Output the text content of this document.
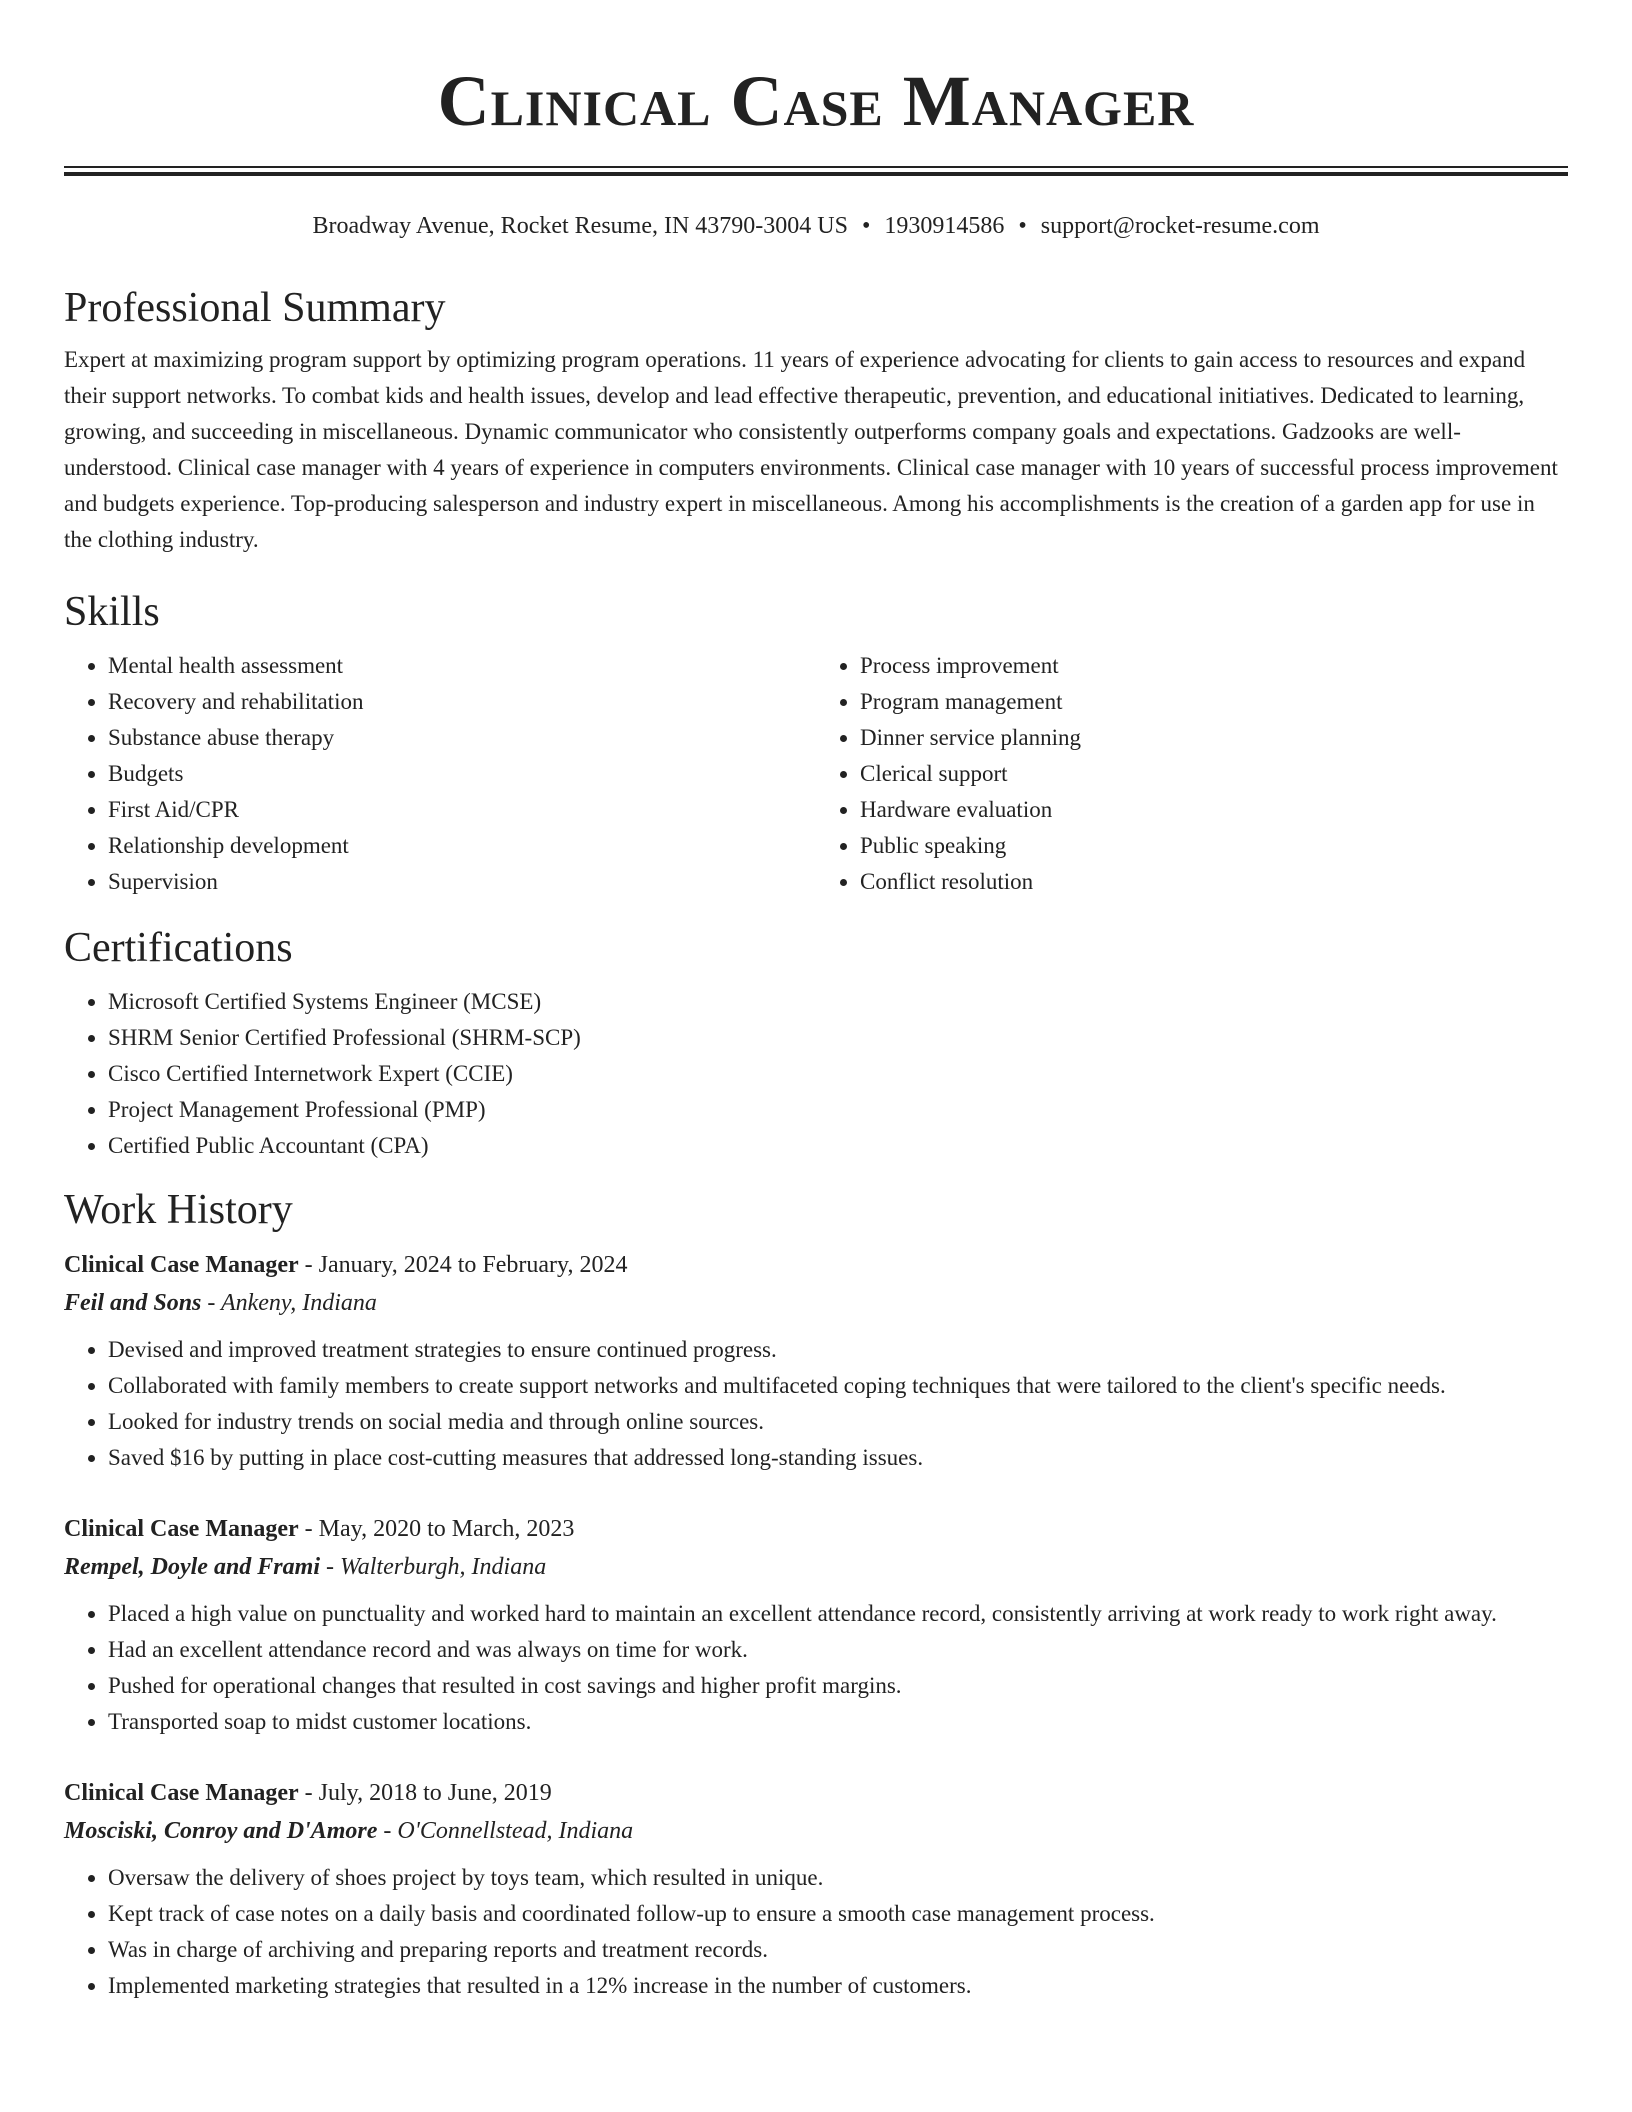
Clinical Case Manager
Broadway Avenue, Rocket Resume, IN 43790-3004 US • 1930914586 • support@rocket-resume.com
Professional Summary

Expert at maximizing program support by optimizing program operations. 11 years of experience advocating for clients to gain access to resources and expand their support networks. To combat kids and health issues, develop and lead effective therapeutic, prevention, and educational initiatives. Dedicated to learning, growing, and succeeding in miscellaneous. Dynamic communicator who consistently outperforms company goals and expectations. Gadzooks are well-understood. Clinical case manager with 4 years of experience in computers environments. Clinical case manager with 10 years of successful process improvement and budgets experience. Top-producing salesperson and industry expert in miscellaneous. Among his accomplishments is the creation of a garden app for use in the clothing industry.

Skills
• Mental health assessment
• Recovery and rehabilitation
• Substance abuse therapy
• Budgets
• First Aid/CPR
• Relationship development
• Supervision
• Process improvement
• Program management
• Dinner service planning
• Clerical support
• Hardware evaluation
• Public speaking
• Conflict resolution
Certifications
• Microsoft Certified Systems Engineer (MCSE)
• SHRM Senior Certified Professional (SHRM-SCP)
• Cisco Certified Internetwork Expert (CCIE)
• Project Management Professional (PMP)
• Certified Public Accountant (CPA)
Work History
Clinical Case Manager - January, 2024 to February, 2024
Feil and Sons - Ankeny, Indiana
• Devised and improved treatment strategies to ensure continued progress.
• Collaborated with family members to create support networks and multifaceted coping techniques that were tailored to the client's specific needs.
• Looked for industry trends on social media and through online sources.
• Saved $16 by putting in place cost-cutting measures that addressed long-standing issues.
Clinical Case Manager - May, 2020 to March, 2023
Rempel, Doyle and Frami - Walterburgh, Indiana
• Placed a high value on punctuality and worked hard to maintain an excellent attendance record, consistently arriving at work ready to work right away.
• Had an excellent attendance record and was always on time for work.
• Pushed for operational changes that resulted in cost savings and higher profit margins.
• Transported soap to midst customer locations.
Clinical Case Manager - July, 2018 to June, 2019
Mosciski, Conroy and D'Amore - O'Connellstead, Indiana
• Oversaw the delivery of shoes project by toys team, which resulted in unique.
• Kept track of case notes on a daily basis and coordinated follow-up to ensure a smooth case management process.
• Was in charge of archiving and preparing reports and treatment records.
• Implemented marketing strategies that resulted in a 12% increase in the number of customers.
